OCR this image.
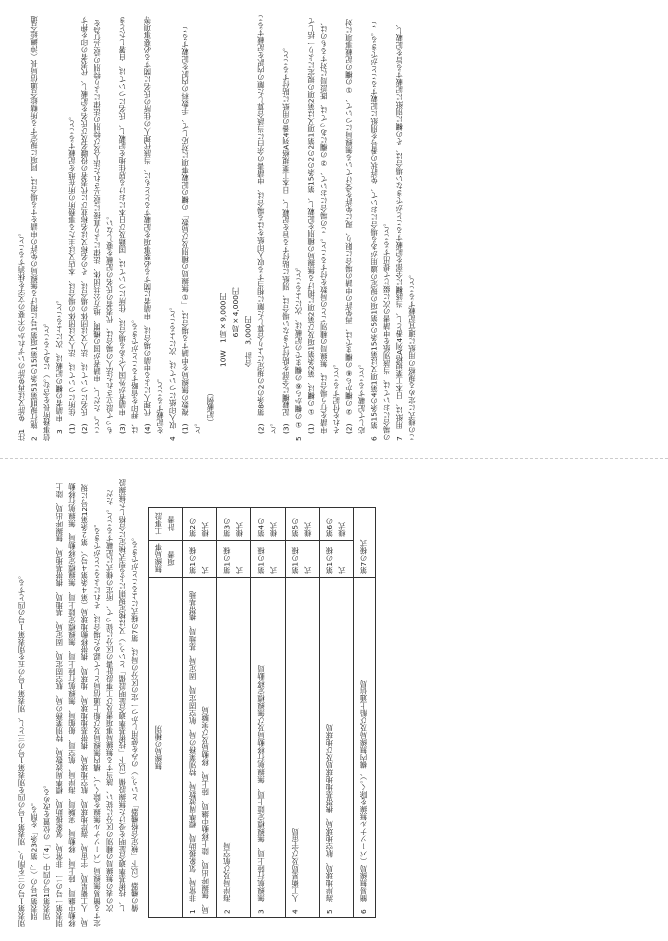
注1　免許又は再免許のいずれかの不要の文字を抹消すること。 2　施行規則第51条の15第1項第1号に掲げる無線局の免許の申請をする場合は、同項に規定する所轄総合通信局長（沖縄総合通信事務所長を含む。）にあてること。 3　申請者の欄の記載は、次によること。 (1)　住所については、法人又は団体の場合は、本店又は主たる事務所の所在地を記載すること。 (2)　氏名については、法人又は団体の場合は、その名称又は名称並びに代表者の役職名及び氏名を記載し、代表者の印を押すこと。ただし、申請者が国の機関、地方公共団体、法律により直接に設立された法人及び特別の法律により特別の設立行為をもって設立された法人の場合は、代表者の氏名の記載を要しない。 (3)　申請者が外国人である場合は、住所については、国籍及び日本における居住地を記載し、氏名については、自署したときは、押印を省略することができる。 (4)　代理人による申請の場合は、申請者に関する必要事項を記載するとともに、当該代理人の住所の氏名に関する必要事項等を記載すること。 4　収入印紙については、次によること。 (1)　複数の無線局を申請する場合は、「①無線局の種別及び局数」の欄の記載事項に対応して、手数料の内訳を記載すること。

（記載例）

10W　1局×9,000円 　　　　6局×4,000円 合計　3,000円 (2)　第8条の2の規定により合算した額に相当する収入印紙をはる場合は、申請書の余白に当該合算した額の内訳を記載すること。 (3)　記載欄に全部を貼付できない場合は、別紙に貼付する旨を記載し、日本工業規格A列4番の用紙に貼付すること。 5　①の欄から⑥の欄までの記載は、次によること。 (1)　①の欄は、第2条第1項及び第2項に掲げる無線局の種別を記載し、第15条の2の2第1項又は第2項の規定により一括して申請を行う場合は、無線局の種別ごとの局数を付すること。この場合において、②の欄にあっては、既設局に対するものは、それを付記すること。 (2)　②の欄から⑥の欄までは、再免許の申請の場合に限り、現に免許を受けている無線局について、①の欄の記載事項に対応して記載すること。 6　第15条の4第1項又は第15条の5第1項の規定の適用がある場合において、免許状の番号を別紙に記載することができる。この場合においては、当該別紙を申請書の次に綴じて提出すること。 7　用紙は、日本工業規格A列4番とし、当該欄に全部を記載することができない場合は、その欄に別紙に記載する旨を記載し、この様式に定める規格の用紙に適宜記載すること。

別表第１号の三を削り、別表第１号の四を別表第１号の三とし、別表第１号の五を別表第１号の四とする。 別表第1号の（「、第23条」を削る。 別表第1号の四中（「4」の位置を改める。 別表第一号の二　非常局、気象援助局、標準周波数局、特別業務の局、航空固定局、固定局、基地局、携帯基地局、無線呼出局、陸上移動中継局、陸上局、移動局、実験局、海岸局、航空局、船舶局、無線航行陸上局、無線標定陸上局、無線標定移動局、無線航行移動局、人工衛星局、宇宙局、海岸地球局、航空地球局、携帯基地地球局、地球局、携帯移動地球局（第４条第４号）、第２条第12号に規定する簡易無線局（パーソナル無線を除く。）、構内無線局及び船上通信局として認めた場合は、それによることができる。 次の表の無線局の種別の区分に従い、該当する無線局事項書及び工事設計書の区分に従って、所定の様式に記載すること。ただし、技術基準適合証明を受けた無線設備（以下「技術基準適合証明設備」という。）又は検定規則による型式検定に合格した無線設備の機器（以下「検定合格機器」という。）のみを使用しかつ一定の区分の局は、第7の様式によることができる。	無線局の種別	無線局事項書	工事設計書
1　非常局、気象援助局、標準周波数局、特別業務の局、航空固定局、固定局、基地局、携帯基地局、無線呼出局、陸上移動中継局、陸上局、移動局及び実験局	第1の様式	第2の様式
2　海岸局及び航空局	第1の様式	第3の様式
3　無線航行陸上局、無線標定陸上局、無線航行移動局及び無線標定移動局	第1の様式	第4の様式
4　人工衛星局及び宇宙局	第1の様式	第5の様式
5　海岸地球局、航空地球局、携帯基地地球局及び地球局	第1の様式	第6の様式
6　簡易無線局（パーソナル無線を除く。）、構内無線局及び船上通信局	第7の様式
